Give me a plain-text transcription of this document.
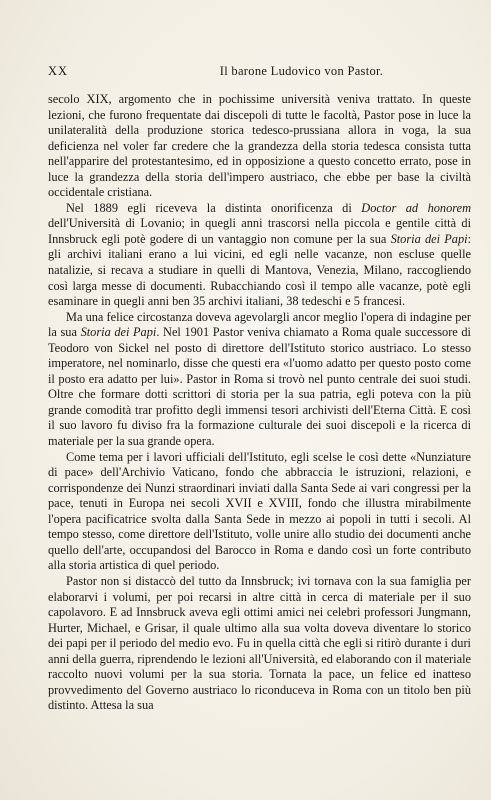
XX	Il barone Ludovico von Pastor.

secolo XIX, argomento che in pochissime università veniva trattato. In queste lezioni, che furono frequentate dai discepoli di tutte le facoltà, Pastor pose in luce la unilateralità della produzione storica tedesco-prussiana allora in voga, la sua deficienza nel voler far credere che la grandezza della storia tedesca consista tutta nell'apparire del protestantesimo, ed in opposizione a questo concetto errato, pose in luce la grandezza della storia dell'impero austriaco, che ebbe per base la civiltà occidentale cristiana.

Nel 1889 egli riceveva la distinta onorificenza di Doctor ad honorem dell'Università di Lovanio; in quegli anni trascorsi nella piccola e gentile città di Innsbruck egli potè godere di un vantaggio non comune per la sua Storia dei Papi: gli archivi italiani erano a lui vicini, ed egli nelle vacanze, non escluse quelle natalizie, si recava a studiare in quelli di Mantova, Venezia, Milano, raccogliendo così larga messe di documenti. Rubacchiando così il tempo alle vacanze, potè egli esaminare in quegli anni ben 35 archivi italiani, 38 tedeschi e 5 francesi.

Ma una felice circostanza doveva agevolargli ancor meglio l'opera di indagine per la sua Storia dei Papi. Nel 1901 Pastor veniva chiamato a Roma quale successore di Teodoro von Sickel nel posto di direttore dell'Istituto storico austriaco. Lo stesso imperatore, nel nominarlo, disse che questi era «l'uomo adatto per questo posto come il posto era adatto per lui». Pastor in Roma si trovò nel punto centrale dei suoi studi. Oltre che formare dotti scrittori di storia per la sua patria, egli poteva con la più grande comodità trar profitto degli immensi tesori archivisti dell'Eterna Città. E così il suo lavoro fu diviso fra la formazione culturale dei suoi discepoli e la ricerca di materiale per la sua grande opera.

Come tema per i lavori ufficiali dell'Istituto, egli scelse le così dette «Nunziature di pace» dell'Archivio Vaticano, fondo che abbraccia le istruzioni, relazioni, e corrispondenze dei Nunzi straordinari inviati dalla Santa Sede ai vari congressi per la pace, tenuti in Europa nei secoli XVII e XVIII, fondo che illustra mirabilmente l'opera pacificatrice svolta dalla Santa Sede in mezzo ai popoli in tutti i secoli. Al tempo stesso, come direttore dell'Istituto, volle unire allo studio dei documenti anche quello dell'arte, occupandosi del Barocco in Roma e dando così un forte contributo alla storia artistica di quel periodo.

Pastor non si distaccò del tutto da Innsbruck; ivi tornava con la sua famiglia per elaborarvi i volumi, per poi recarsi in altre città in cerca di materiale per il suo capolavoro. E ad Innsbruck aveva egli ottimi amici nei celebri professori Jungmann, Hurter, Michael, e Grisar, il quale ultimo alla sua volta doveva diventare lo storico dei papi per il periodo del medio evo. Fu in quella città che egli si ritirò durante i duri anni della guerra, riprendendo le lezioni all'Università, ed elaborando con il materiale raccolto nuovi volumi per la sua storia. Tornata la pace, un felice ed inatteso provvedimento del Governo austriaco lo riconduceva in Roma con un titolo ben più distinto. Attesa la sua
